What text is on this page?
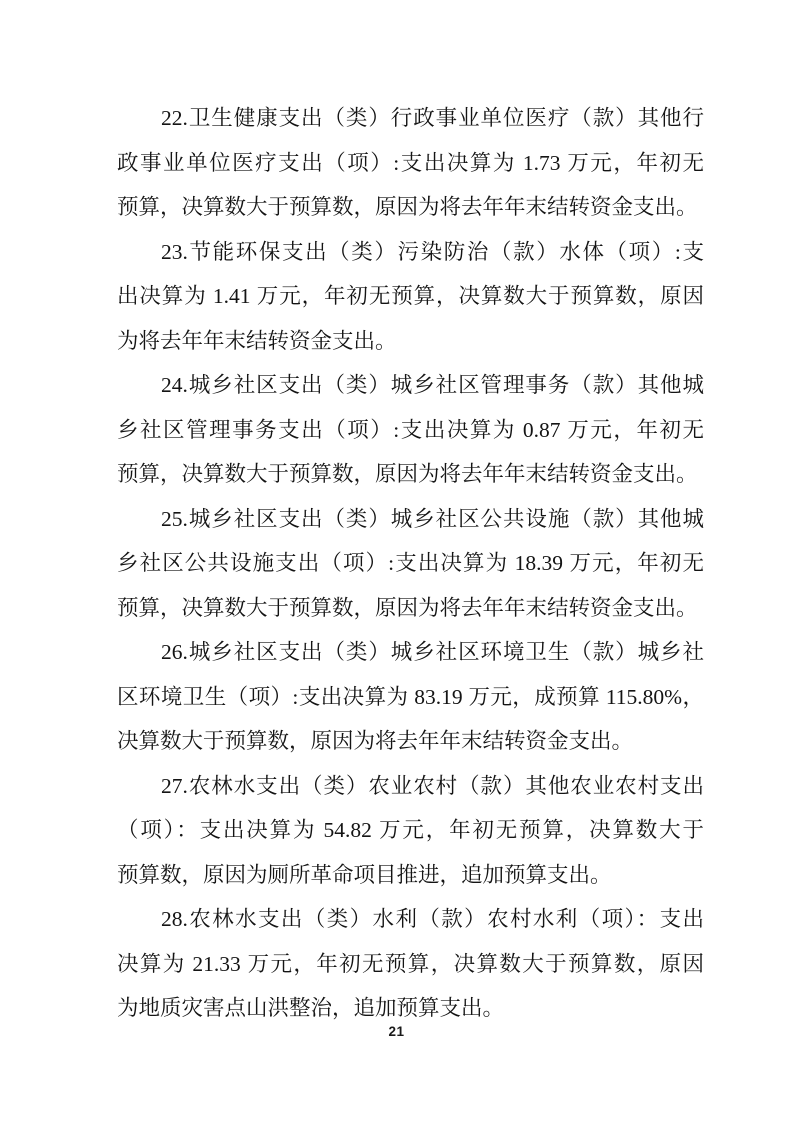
22.卫生健康支出（类）行政事业单位医疗（款）其他行
政事业单位医疗支出（项）:支出决算为 1.73 万元，年初无
预算，决算数大于预算数，原因为将去年年末结转资金支出。
23.节能环保支出（类）污染防治（款）水体（项）:支
出决算为 1.41 万元，年初无预算，决算数大于预算数，原因
为将去年年末结转资金支出。
24.城乡社区支出（类）城乡社区管理事务（款）其他城
乡社区管理事务支出（项）:支出决算为 0.87 万元，年初无
预算，决算数大于预算数，原因为将去年年末结转资金支出。
25.城乡社区支出（类）城乡社区公共设施（款）其他城
乡社区公共设施支出（项）:支出决算为 18.39 万元，年初无
预算，决算数大于预算数，原因为将去年年末结转资金支出。
26.城乡社区支出（类）城乡社区环境卫生（款）城乡社
区环境卫生（项）:支出决算为 83.19 万元，成预算 115.80%，
决算数大于预算数，原因为将去年年末结转资金支出。
27.农林水支出（类）农业农村（款）其他农业农村支出
（项）：支出决算为 54.82 万元，年初无预算，决算数大于
预算数，原因为厕所革命项目推进，追加预算支出。
28.农林水支出（类）水利（款）农村水利（项）：支出
决算为 21.33 万元，年初无预算，决算数大于预算数，原因
为地质灾害点山洪整治，追加预算支出。
21
